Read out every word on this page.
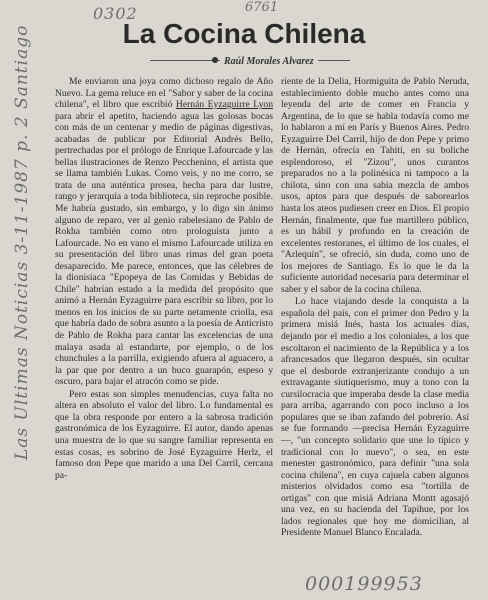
0302	6761
Las Ultimas Noticias 3-11-1987 p. 2 Santiago	La Cocina Chilena
Raúl Morales Alvarez

Me enviaron una joya como dichoso regalo de Año Nuevo. La gema reluce en el "Sabor y saber de la cocina chilena", el libro que escribió Hernán Eyzaguirre Lyon para abrir el apetito, haciendo agua las golosas bocas con más de un centenar y medio de páginas digestivas, acabadas de publicar por Editorial Andrés Bello, pertrechadas por el prólogo de Enrique Lafourcade y las bellas ilustraciones de Renzo Pecchenino, el artista que se llama también Lukas. Como veis, y no me corro, se trata de una auténtica prosea, hecha para dar lustre, rango y jerarquía a toda biblioteca, sin reproche posible. Me habría gustado, sin embargo, y lo digo sin ánimo alguno de reparo, ver al genio rabelesiano de Pablo de Rokha también como otro prologuista junto a Lafourcade. No en vano el mismo Lafourcade utiliza en su presentación del libro unas rimas del gran poeta desaparecido. Me parece, entonces, que las célebres de la dionisíaca "Epopeya de las Comidas y Bebidas de Chile" habrían estado a la medida del propósito que animó a Hernán Eyzaguirre para escribir su libro, por lo menos en los inicios de su parte netamente criolla, esa que habría dado de sobra asunto a la poesía de Antícristo de Pablo de Rokha para cantar las excelencias de una malaya asada al estandarte, por ejemplo, o de los chunchules a la parrilla, exigiendo afuera al aguacero, a la par que por dentro a un buco guarapón, espeso y oscuro, para bajar el atracón como se pide.

Pero estas son simples menudencias, cuya falta no altera en absoluto el valor del libro. Lo fundamental es que la obra responde por entero a la sabrosa tradición gastronómica de los Eyzaguirre. El autor, dando apenas una muestra de lo que su sangre familiar representa en estas cosas, es sobrino de José Eyzaguirre Herlz, el famoso don Pepe que marido a una Del Carril, cercana pa-

riente de la Delia, Hormiguita de Pablo Neruda, establecimiento doble mucho antes como una leyenda del arte de comer en Francia y Argentina, de lo que se habla todavía como me lo hablaron a mí en París y Buenos Aires. Pedro Eyzaguirre Del Carril, hijo de don Pepe y primo de Hernán, ofrecía en Tahití, en su boliche esplendoroso, el "Zizou", unos curantos preparados no a la polinésica ni tampoco a la chilota, sino con una sabia mezcla de ambos usos, aptos para que después de saborearlos hasta los ateos pudiesen creer en Dios. El propio Hernán, finalmente, que fue martillero público, es un hábil y profundo en la creación de excelentes restoranes, el último de los cuales, el "Arlequín", se ofreció, sin duda, como uno de los mejores de Santiago. Es lo que le da la suficiente autoridad necesaria para determinar el saber y el sabor de la cocina chilena.

Lo hace viajando desde la conquista a la española del país, con el primer don Pedro y la primera misiá Inés, hasta los actuales días, dejando por el medio a los coloniales, a los que escoltaron el nacimiento de la República y a los afrancesados que llegaron después, sin ocultar que el desborde extranjerizante condujo a un extravagante siutiquerismo, muy a tono con la cursilocracia que imperaba desde la clase media para arriba, agarrando con poco incluso a los populares que se iban zafando del pobrerío. Así se fue formando —precisa Hernán Eyzaguirre—, "un concepto solidario que une lo típico y tradicional con lo nuevo", o sea, en este menester gastronómico, para definir "una sola cocina chilena", en cuya cajuela caben algunos misterios olvidados como esa "tortilla de ortigas" con que misiá Adriana Montt agasajó una vez, en su hacienda del Tapihue, por los lados regionales que hoy me domicilian, al Presidente Manuel Blanco Encalada.

000199953
